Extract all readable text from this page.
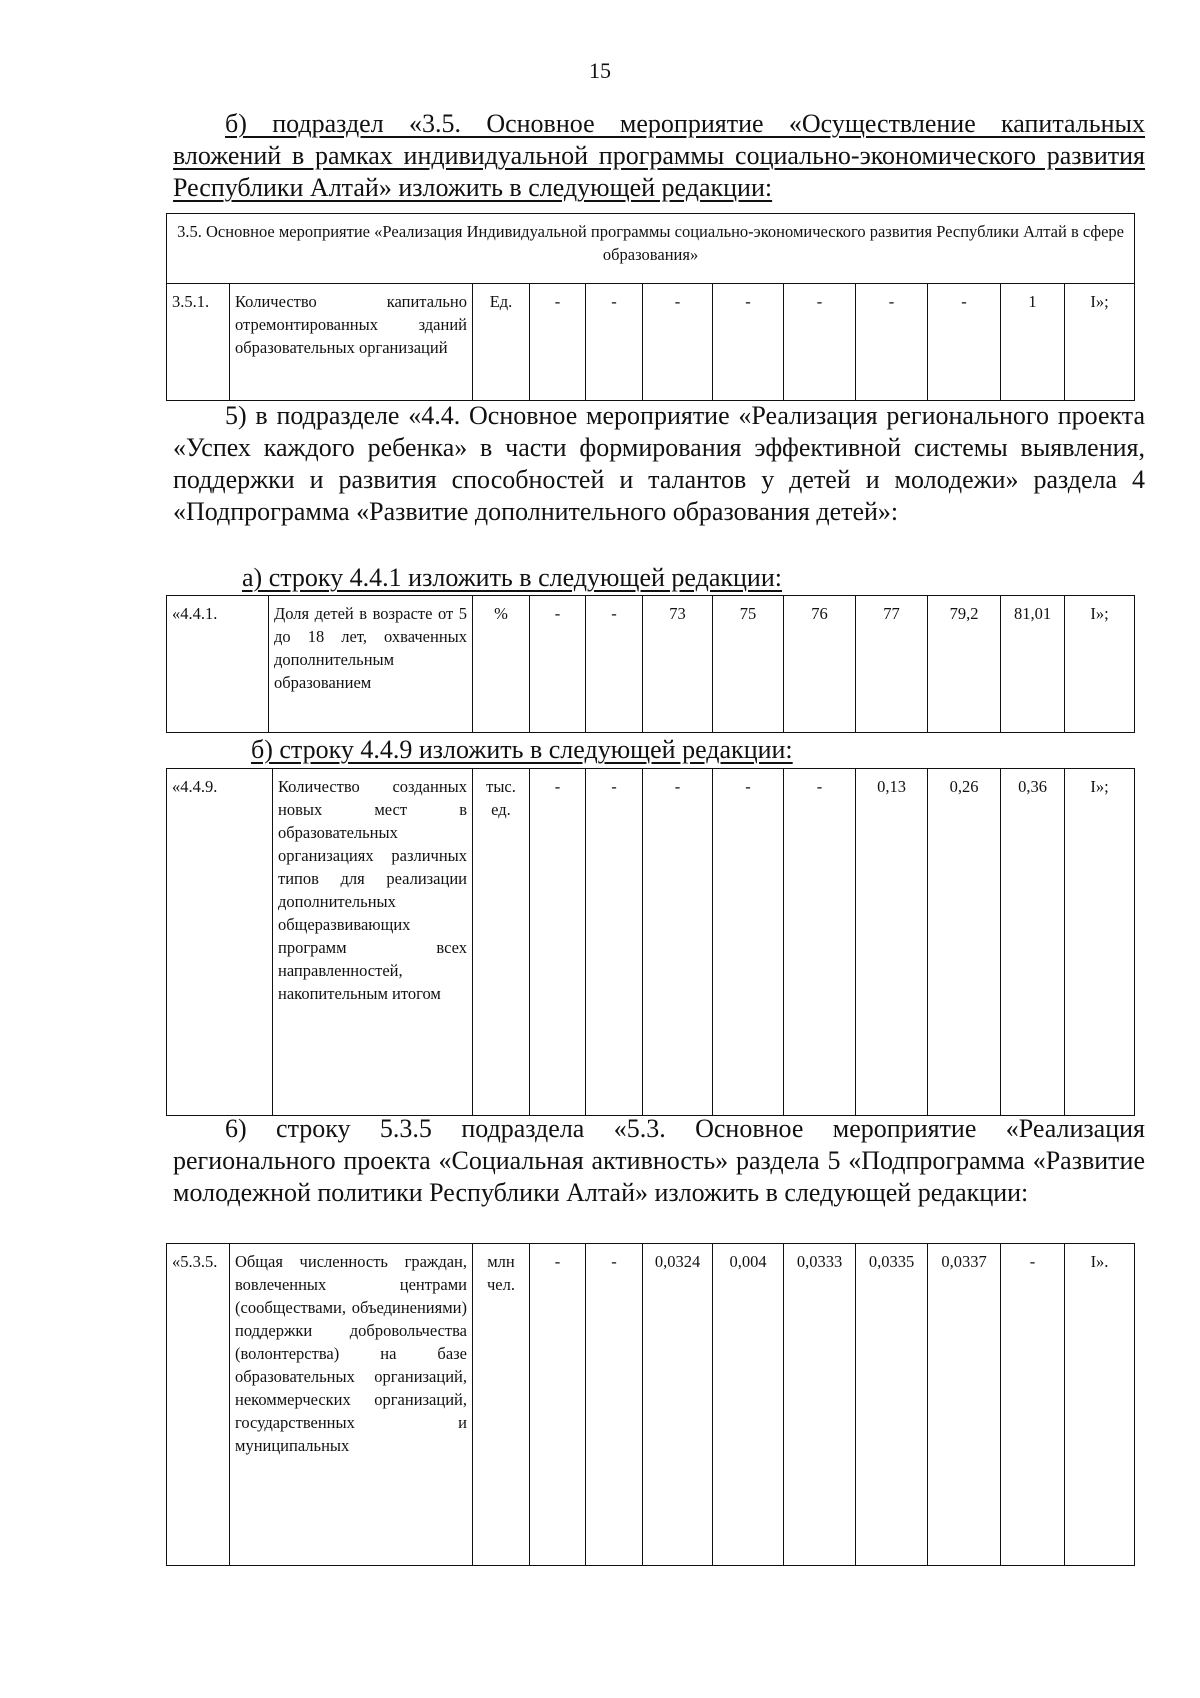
15
б) подраздел «3.5. Основное мероприятие «Осуществление капитальных вложений в рамках индивидуальной программы социально-экономического развития Республики Алтай» изложить в следующей редакции:
3.5. Основное мероприятие «Реализация Индивидуальной программы социально-экономического развития Республики Алтай в сфере образования»
3.5.1.	Количество капитально отремонтированных зданий образовательных организаций	Ед.	-	-	-	-	-	-	-	1	I»;
5) в подразделе «4.4. Основное мероприятие «Реализация регионального проекта «Успех каждого ребенка» в части формирования эффективной системы выявления, поддержки и развития способностей и талантов у детей и молодежи» раздела 4 «Подпрограмма «Развитие дополнительного образования детей»:
а) строку 4.4.1 изложить в следующей редакции:
«4.4.1.	Доля детей в возрасте от 5 до 18 лет, охваченных дополнительным образованием	%	-	-	73	75	76	77	79,2	81,01	I»;
б) строку 4.4.9 изложить в следующей редакции:
«4.4.9.	Количество созданных новых мест в образовательных организациях различных типов для реализации дополнительных общеразвивающих программ всех направленностей, накопительным итогом	тыс. ед.	-	-	-	-	-	0,13	0,26	0,36	I»;
6) строку 5.3.5 подраздела «5.3. Основное мероприятие «Реализация регионального проекта «Социальная активность» раздела 5 «Подпрограмма «Развитие молодежной политики Республики Алтай» изложить в следующей редакции:
«5.3.5.	Общая численность граждан, вовлеченных центрами (сообществами, объединениями) поддержки добровольчества (волонтерства) на базе образовательных организаций, некоммерческих организаций, государственных и муниципальных	млн чел.	-	-	0,0324	0,004	0,0333	0,0335	0,0337	-	I».
